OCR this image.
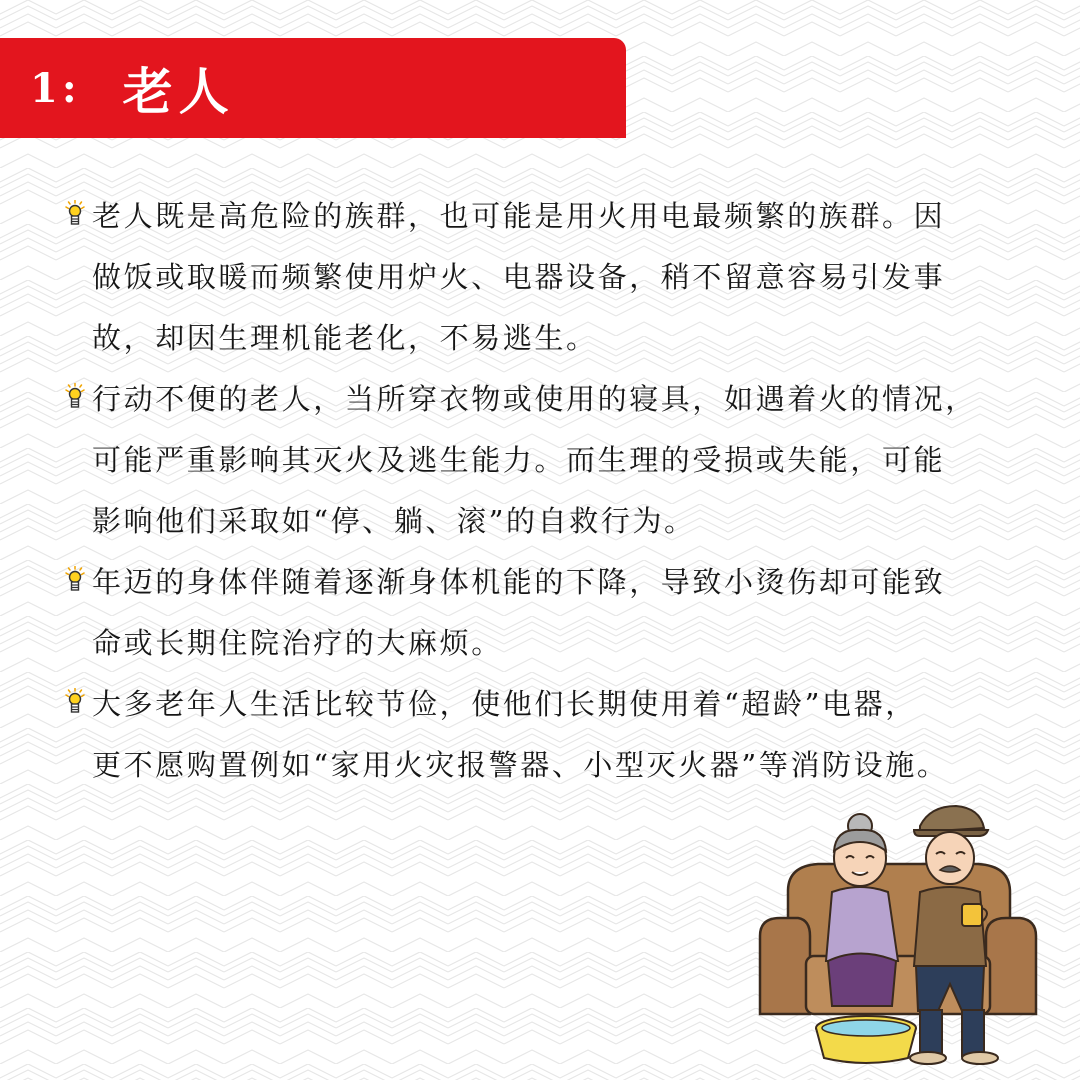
1: 老人
老人既是高危险的族群，也可能是用火用电最频繁的族群。因
做饭或取暖而频繁使用炉火、电器设备，稍不留意容易引发事
故，却因生理机能老化，不易逃生。
行动不便的老人，当所穿衣物或使用的寝具，如遇着火的情况，
可能严重影响其灭火及逃生能力。而生理的受损或失能，可能
影响他们采取如“停、躺、滚”的自救行为。
年迈的身体伴随着逐渐身体机能的下降，导致小烫伤却可能致
命或长期住院治疗的大麻烦。
大多老年人生活比较节俭，使他们长期使用着“超龄”电器，
更不愿购置例如“家用火灾报警器、小型灭火器”等消防设施。
